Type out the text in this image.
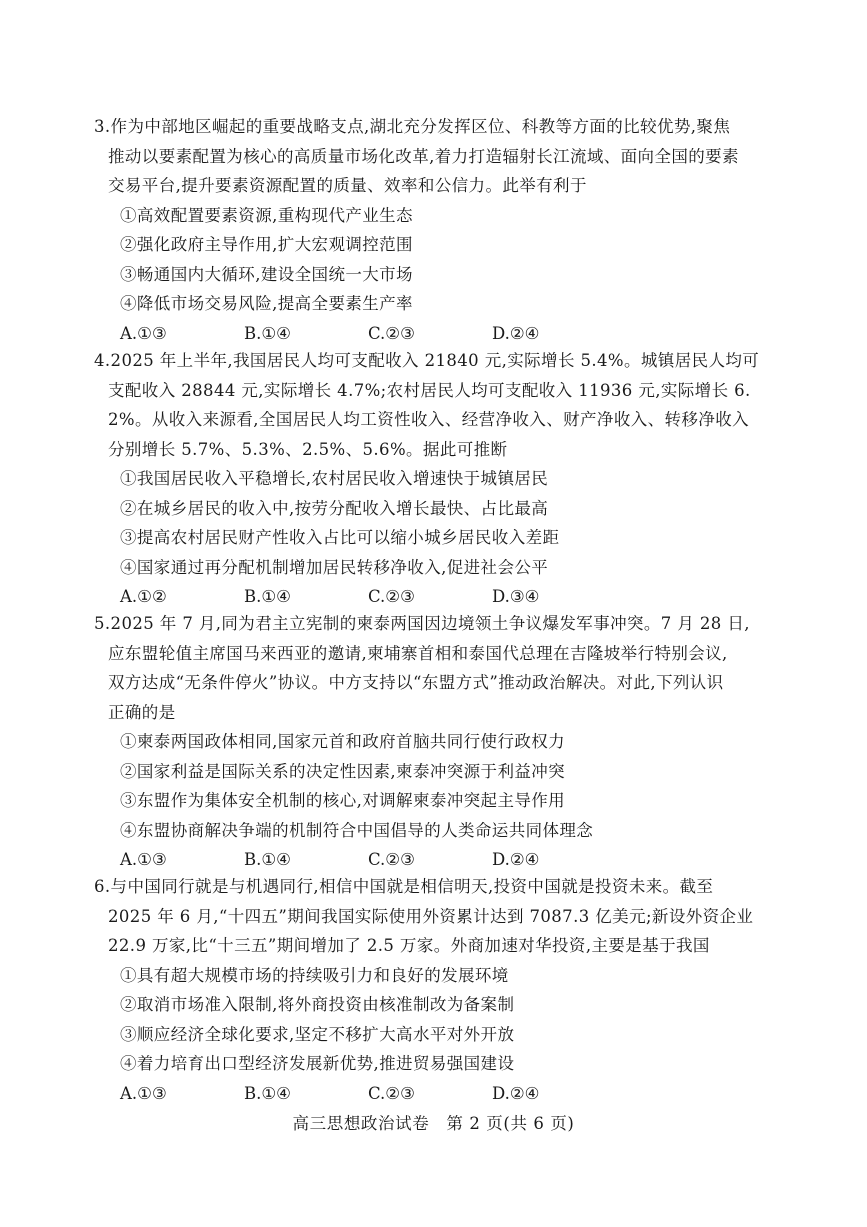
3.作为中部地区崛起的重要战略支点,湖北充分发挥区位、科教等方面的比较优势,聚焦
推动以要素配置为核心的高质量市场化改革,着力打造辐射长江流域、面向全国的要素
交易平台,提升要素资源配置的质量、效率和公信力。此举有利于
①高效配置要素资源,重构现代产业生态
②强化政府主导作用,扩大宏观调控范围
③畅通国内大循环,建设全国统一大市场
④降低市场交易风险,提高全要素生产率
A.①③	B.①④	C.②③	D.②④
4.2025 年上半年,我国居民人均可支配收入 21840 元,实际增长 5.4%。城镇居民人均可
支配收入 28844 元,实际增长 4.7%;农村居民人均可支配收入 11936 元,实际增长 6.
2%。从收入来源看,全国居民人均工资性收入、经营净收入、财产净收入、转移净收入
分别增长 5.7%、5.3%、2.5%、5.6%。据此可推断
①我国居民收入平稳增长,农村居民收入增速快于城镇居民
②在城乡居民的收入中,按劳分配收入增长最快、占比最高
③提高农村居民财产性收入占比可以缩小城乡居民收入差距
④国家通过再分配机制增加居民转移净收入,促进社会公平
A.①②	B.①④	C.②③	D.③④
5.2025 年 7 月,同为君主立宪制的柬泰两国因边境领土争议爆发军事冲突。7 月 28 日,
应东盟轮值主席国马来西亚的邀请,柬埔寨首相和泰国代总理在吉隆坡举行特别会议,
双方达成“无条件停火”协议。中方支持以“东盟方式”推动政治解决。对此,下列认识
正确的是
①柬泰两国政体相同,国家元首和政府首脑共同行使行政权力
②国家利益是国际关系的决定性因素,柬泰冲突源于利益冲突
③东盟作为集体安全机制的核心,对调解柬泰冲突起主导作用
④东盟协商解决争端的机制符合中国倡导的人类命运共同体理念
A.①③	B.①④	C.②③	D.②④
6.与中国同行就是与机遇同行,相信中国就是相信明天,投资中国就是投资未来。截至
2025 年 6 月,“十四五”期间我国实际使用外资累计达到 7087.3 亿美元;新设外资企业
22.9 万家,比“十三五”期间增加了 2.5 万家。外商加速对华投资,主要是基于我国
①具有超大规模市场的持续吸引力和良好的发展环境
②取消市场准入限制,将外商投资由核准制改为备案制
③顺应经济全球化要求,坚定不移扩大高水平对外开放
④着力培育出口型经济发展新优势,推进贸易强国建设
A.①③	B.①④	C.②③	D.②④
高三思想政治试卷　第 2 页(共 6 页)
